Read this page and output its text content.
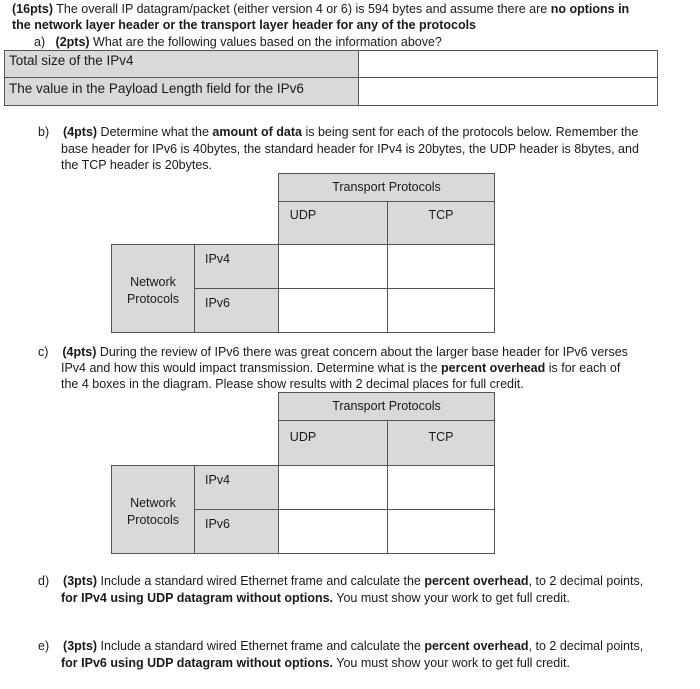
(16pts) The overall IP datagram/packet (either version 4 or 6) is 594 bytes and assume there are no options in
the network layer header or the transport layer header for any of the protocols
a) (2pts) What are the following values based on the information above?
Total size of the IPv4
The value in the Payload Length field for the IPv6
b) (4pts) Determine what the amount of data is being sent for each of the protocols below. Remember the
base header for IPv6 is 40bytes, the standard header for IPv4 is 20bytes, the UDP header is 8bytes, and
the TCP header is 20bytes.
Transport Protocols
UDP	TCP
Network
Protocols
IPv4
IPv6
c) (4pts) During the review of IPv6 there was great concern about the larger base header for IPv6 verses
IPv4 and how this would impact transmission. Determine what is the percent overhead is for each of
the 4 boxes in the diagram. Please show results with 2 decimal places for full credit.
Transport Protocols
UDP	TCP
Network
Protocols
IPv4
IPv6
d) (3pts) Include a standard wired Ethernet frame and calculate the percent overhead, to 2 decimal points,
for IPv4 using UDP datagram without options. You must show your work to get full credit.
e) (3pts) Include a standard wired Ethernet frame and calculate the percent overhead, to 2 decimal points,
for IPv6 using UDP datagram without options. You must show your work to get full credit.
